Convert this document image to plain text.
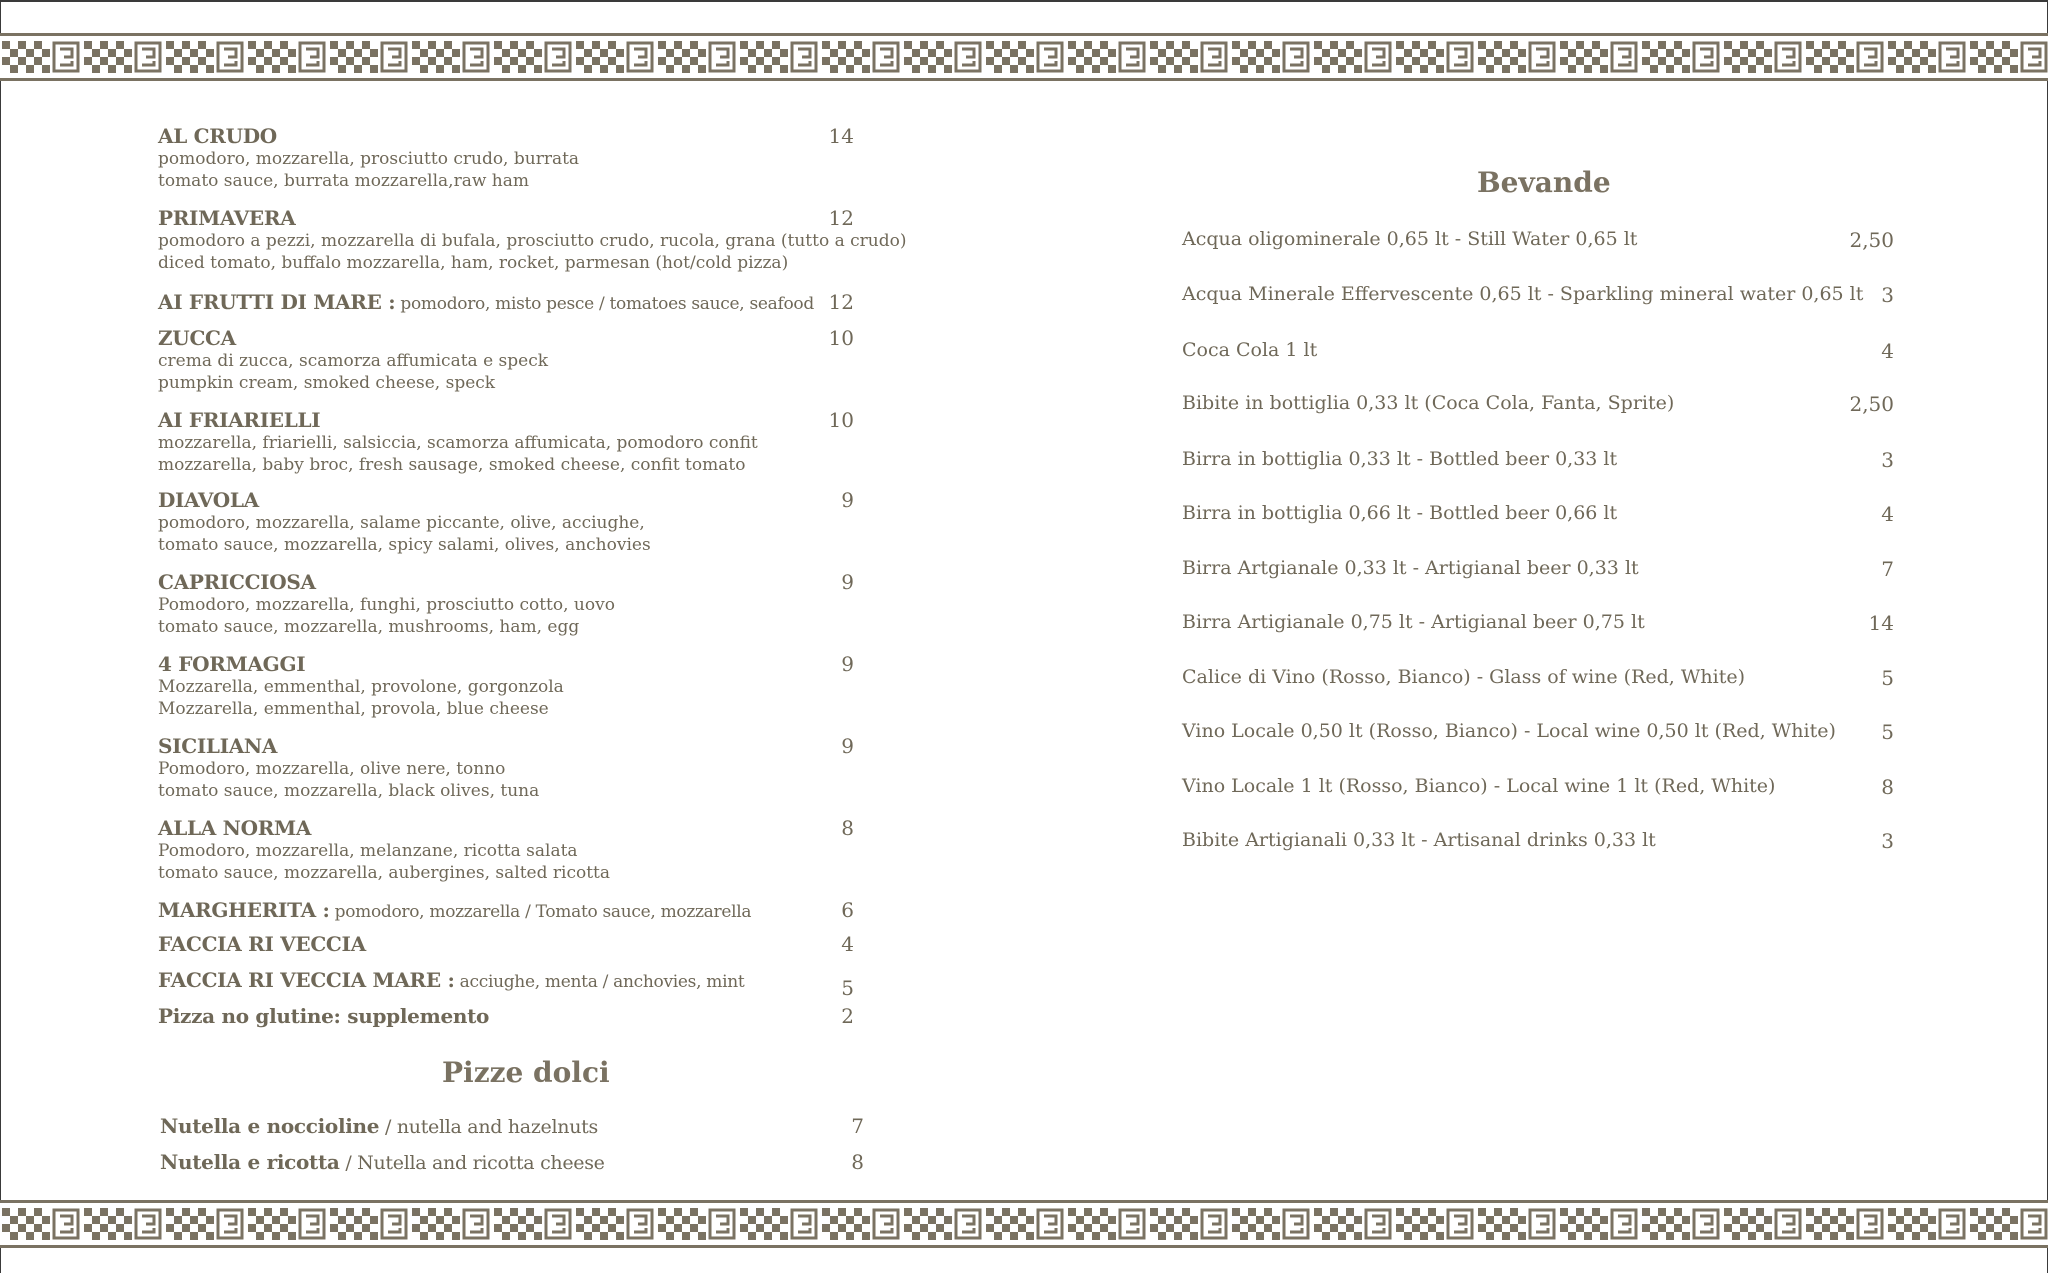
AL CRUDO
pomodoro, mozzarella, prosciutto crudo, burrata
tomato sauce, burrata mozzarella,raw ham
14
PRIMAVERA
pomodoro a pezzi, mozzarella di bufala, prosciutto crudo, rucola, grana (tutto a crudo)
diced tomato, buffalo mozzarella, ham, rocket, parmesan (hot/cold pizza)
12
AI FRUTTI DI MARE : pomodoro, misto pesce / tomatoes sauce, seafood 12
ZUCCA
crema di zucca, scamorza affumicata e speck
pumpkin cream, smoked cheese, speck
10
AI FRIARIELLI
mozzarella, friarielli, salsiccia, scamorza affumicata, pomodoro confit
mozzarella, baby broc, fresh sausage, smoked cheese, confit tomato
10
DIAVOLA
pomodoro, mozzarella, salame piccante, olive, acciughe,
tomato sauce, mozzarella, spicy salami, olives, anchovies
9
CAPRICCIOSA
Pomodoro, mozzarella, funghi, prosciutto cotto, uovo
tomato sauce, mozzarella, mushrooms, ham, egg
9
4 FORMAGGI
Mozzarella, emmenthal, provolone, gorgonzola
Mozzarella, emmenthal, provola, blue cheese
9
SICILIANA
Pomodoro, mozzarella, olive nere, tonno
tomato sauce, mozzarella, black olives, tuna
9
ALLA NORMA
Pomodoro, mozzarella, melanzane, ricotta salata
tomato sauce, mozzarella, aubergines, salted ricotta
8
MARGHERITA : pomodoro, mozzarella / Tomato sauce, mozzarella	6
FACCIA RI VECCIA	4
FACCIA RI VECCIA MARE : acciughe, menta / anchovies, mint	5
Pizza no glutine: supplemento	2
Pizze dolci
Nutella e noccioline / nutella and hazelnuts	7
Nutella e ricotta / Nutella and ricotta cheese	8
Bevande
Acqua oligominerale 0,65 lt - Still Water 0,65 lt	2,50
Acqua Minerale Effervescente 0,65 lt - Sparkling mineral water 0,65 lt 3
Coca Cola 1 lt	4
Bibite in bottiglia 0,33 lt (Coca Cola, Fanta, Sprite)	2,50
Birra in bottiglia 0,33 lt - Bottled beer 0,33 lt	3
Birra in bottiglia 0,66 lt - Bottled beer 0,66 lt	4
Birra Artgianale 0,33 lt - Artigianal beer 0,33 lt	7
Birra Artigianale 0,75 lt - Artigianal beer 0,75 lt	14
Calice di Vino (Rosso, Bianco) - Glass of wine (Red, White)	5
Vino Locale 0,50 lt (Rosso, Bianco) - Local wine 0,50 lt (Red, White) 5
Vino Locale 1 lt (Rosso, Bianco) - Local wine 1 lt (Red, White)	8
Bibite Artigianali 0,33 lt - Artisanal drinks 0,33 lt	3
